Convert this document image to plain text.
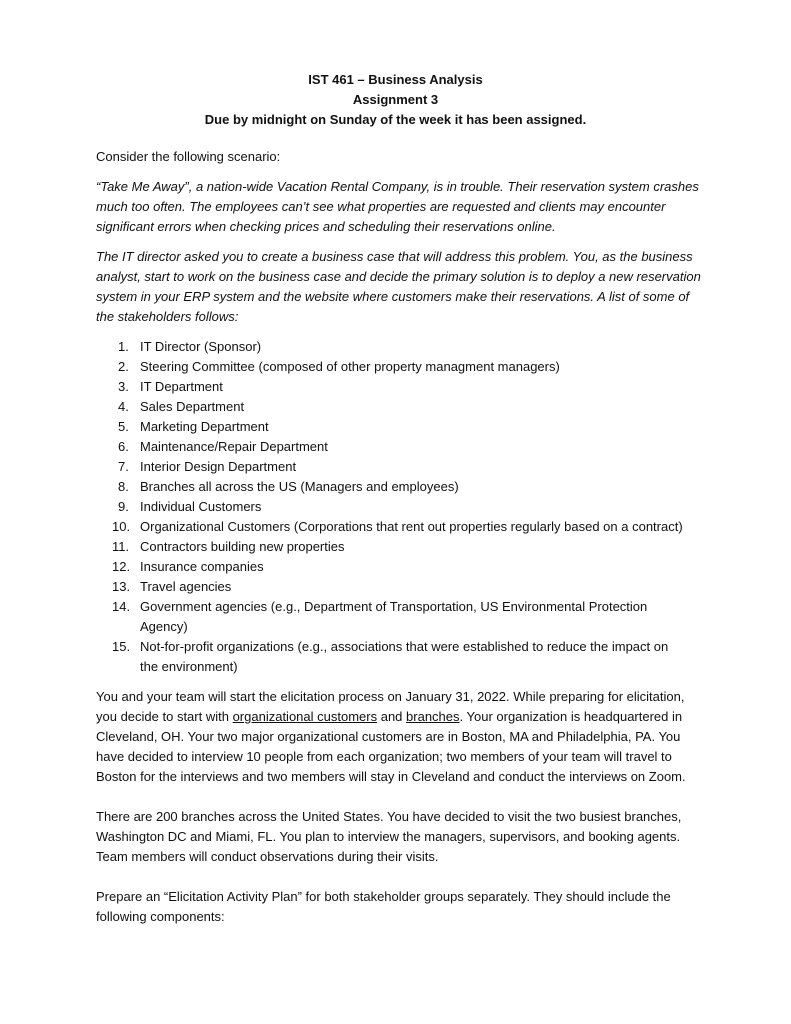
IST 461 – Business Analysis
Assignment 3
Due by midnight on Sunday of the week it has been assigned.
Consider the following scenario:
“Take Me Away”, a nation-wide Vacation Rental Company, is in trouble. Their reservation system crashes
much too often. The employees can’t see what properties are requested and clients may encounter
significant errors when checking prices and scheduling their reservations online.
The IT director asked you to create a business case that will address this problem. You, as the business
analyst, start to work on the business case and decide the primary solution is to deploy a new reservation
system in your ERP system and the website where customers make their reservations. A list of some of
the stakeholders follows:
1. IT Director (Sponsor)
2. Steering Committee (composed of other property managment managers)
3. IT Department
4. Sales Department
5. Marketing Department
6. Maintenance/Repair Department
7. Interior Design Department
8. Branches all across the US (Managers and employees)
9. Individual Customers
10. Organizational Customers (Corporations that rent out properties regularly based on a contract)
11. Contractors building new properties
12. Insurance companies
13. Travel agencies
14. Government agencies (e.g., Department of Transportation, US Environmental Protection
Agency)
15. Not-for-profit organizations (e.g., associations that were established to reduce the impact on
the environment)
You and your team will start the elicitation process on January 31, 2022. While preparing for elicitation,
you decide to start with organizational customers and branches. Your organization is headquartered in
Cleveland, OH. Your two major organizational customers are in Boston, MA and Philadelphia, PA. You
have decided to interview 10 people from each organization; two members of your team will travel to
Boston for the interviews and two members will stay in Cleveland and conduct the interviews on Zoom.
There are 200 branches across the United States. You have decided to visit the two busiest branches,
Washington DC and Miami, FL. You plan to interview the managers, supervisors, and booking agents.
Team members will conduct observations during their visits.
Prepare an “Elicitation Activity Plan” for both stakeholder groups separately. They should include the
following components:
